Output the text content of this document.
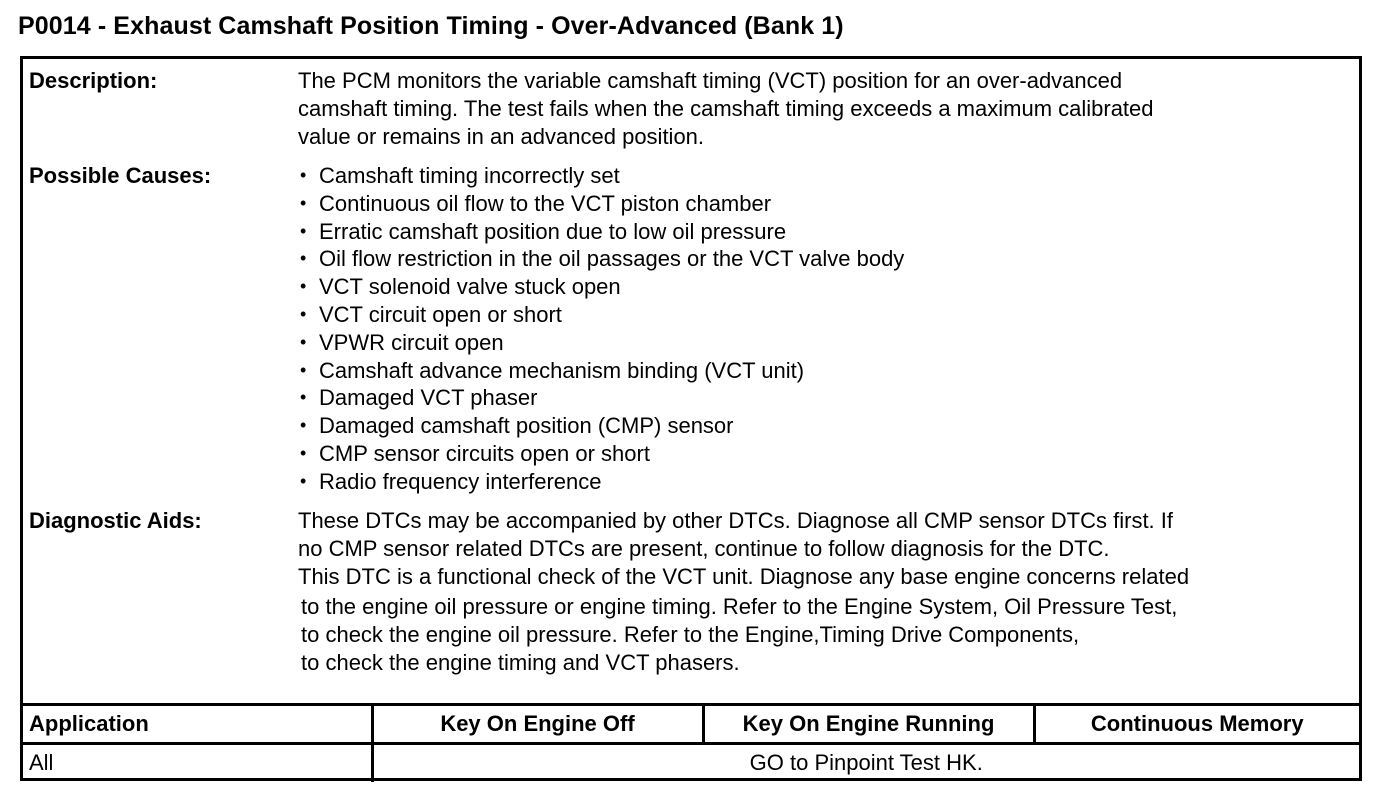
P0014 - Exhaust Camshaft Position Timing - Over-Advanced (Bank 1)
Description:	The PCM monitors the variable camshaft timing (VCT) position for an over-advanced

camshaft timing. The test fails when the camshaft timing exceeds a maximum calibrated

value or remains in an advanced position.

Possible Causes:	• Camshaft timing incorrectly set
• Continuous oil flow to the VCT piston chamber
• Erratic camshaft position due to low oil pressure
• Oil flow restriction in the oil passages or the VCT valve body
• VCT solenoid valve stuck open
• VCT circuit open or short
• VPWR circuit open
• Camshaft advance mechanism binding (VCT unit)
• Damaged VCT phaser
• Damaged camshaft position (CMP) sensor
• CMP sensor circuits open or short
• Radio frequency interference
Diagnostic Aids:	These DTCs may be accompanied by other DTCs. Diagnose all CMP sensor DTCs first. If
no CMP sensor related DTCs are present, continue to follow diagnosis for the DTC.
This DTC is a functional check of the VCT unit. Diagnose any base engine concerns related
to the engine oil pressure or engine timing. Refer to the Engine System, Oil Pressure Test,
to check the engine oil pressure. Refer to the Engine,Timing Drive Components,
to check the engine timing and VCT phasers.
Application	Key On Engine Off	Key On Engine Running	Continuous Memory
All	GO to Pinpoint Test HK.		
